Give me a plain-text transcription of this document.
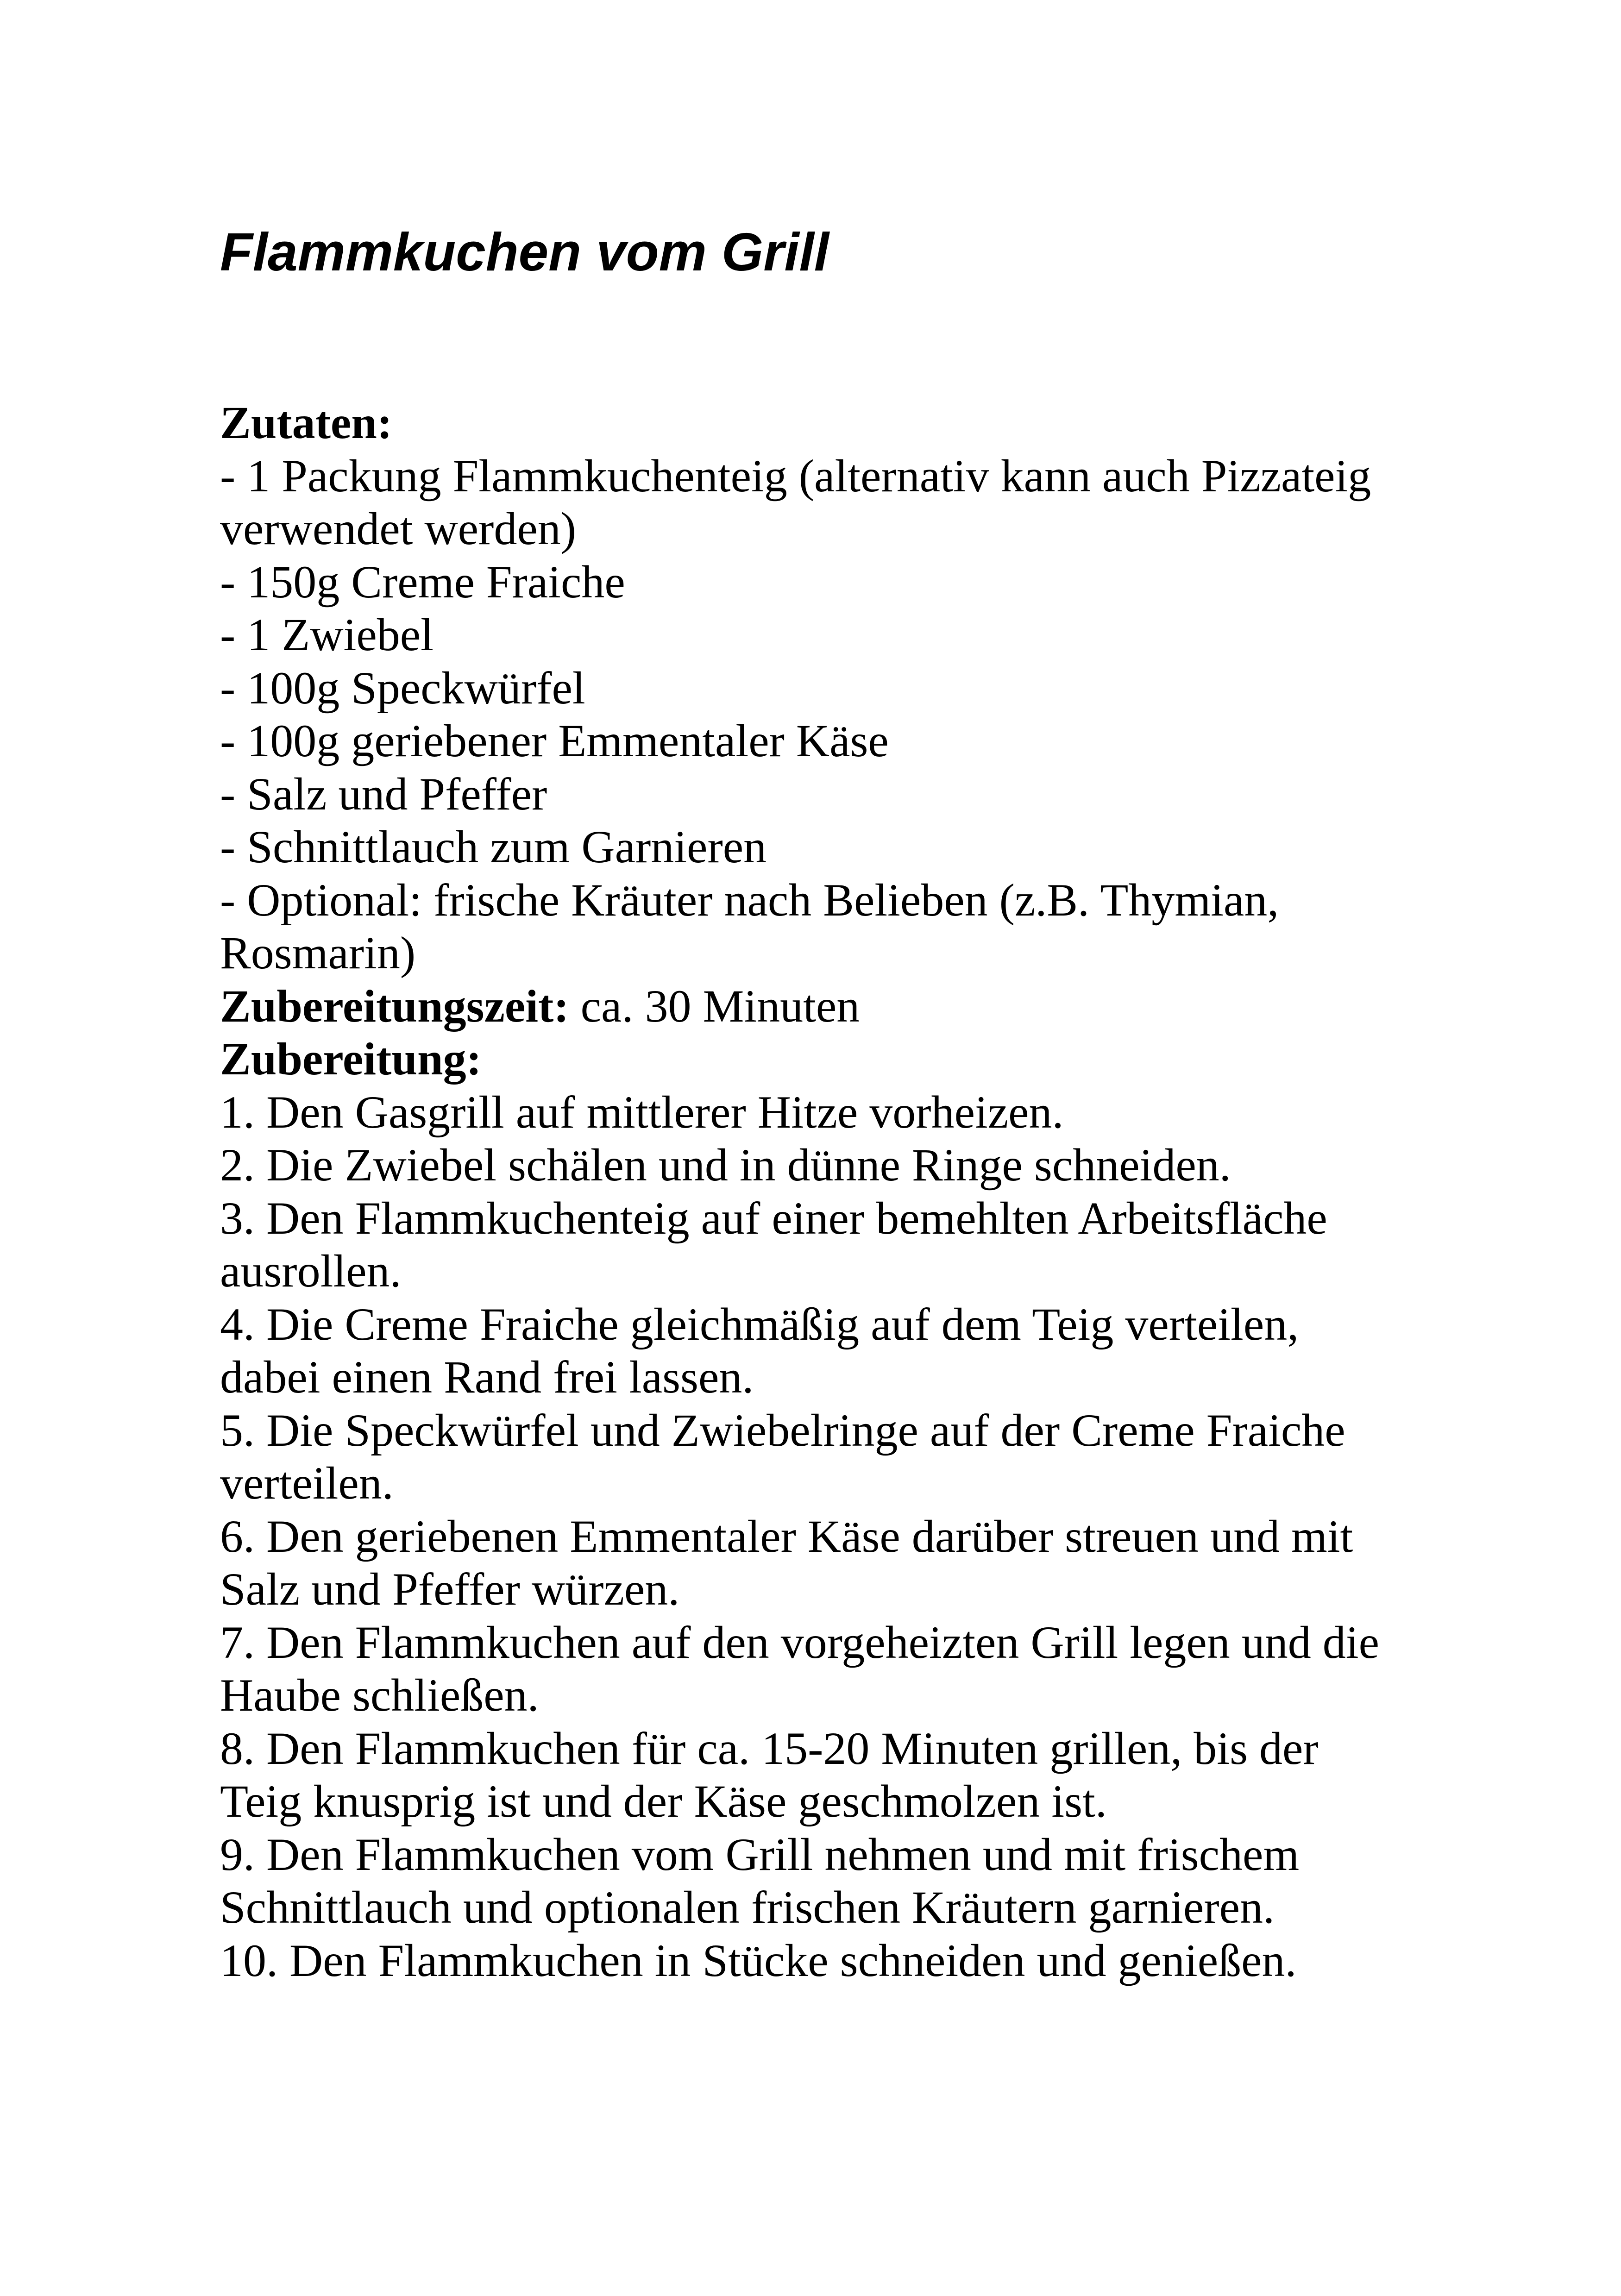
Flammkuchen vom Grill
Zutaten:
- 1 Packung Flammkuchenteig (alternativ kann auch Pizzateig
verwendet werden)
- 150g Creme Fraiche
- 1 Zwiebel
- 100g Speckwürfel
- 100g geriebener Emmentaler Käse
- Salz und Pfeffer
- Schnittlauch zum Garnieren
- Optional: frische Kräuter nach Belieben (z.B. Thymian,
Rosmarin)
Zubereitungszeit: ca. 30 Minuten
Zubereitung:
1. Den Gasgrill auf mittlerer Hitze vorheizen.
2. Die Zwiebel schälen und in dünne Ringe schneiden.
3. Den Flammkuchenteig auf einer bemehlten Arbeitsfläche
ausrollen.
4. Die Creme Fraiche gleichmäßig auf dem Teig verteilen,
dabei einen Rand frei lassen.
5. Die Speckwürfel und Zwiebelringe auf der Creme Fraiche
verteilen.
6. Den geriebenen Emmentaler Käse darüber streuen und mit
Salz und Pfeffer würzen.
7. Den Flammkuchen auf den vorgeheizten Grill legen und die
Haube schließen.
8. Den Flammkuchen für ca. 15-20 Minuten grillen, bis der
Teig knusprig ist und der Käse geschmolzen ist.
9. Den Flammkuchen vom Grill nehmen und mit frischem
Schnittlauch und optionalen frischen Kräutern garnieren.
10. Den Flammkuchen in Stücke schneiden und genießen.
